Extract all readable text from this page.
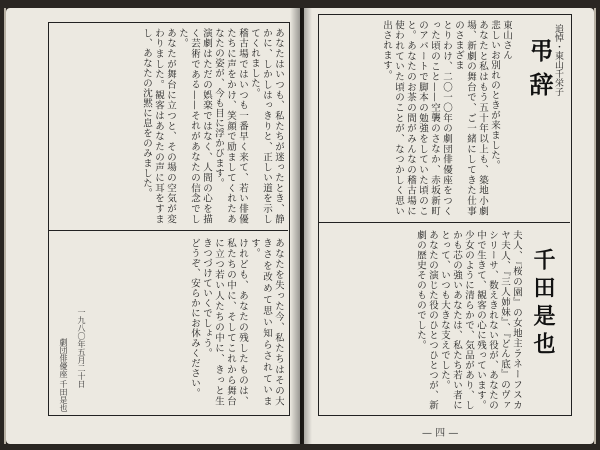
あなたはいつも、私たちが迷ったとき、静かに、しかしはっきりと、正しい道を示してくれました。
稽古場ではいつも一番早く来て、若い俳優たちに声をかけ、笑顔で励ましてくれたあなたの姿が、今も目に浮かびます。
演劇はただの娯楽ではなく、人間の心を描く芸術である——それがあなたの信念でした。
あなたが舞台に立つと、その場の空気が変わりました。観客はあなたの声に耳をすまし、あなたの沈黙に息をのみました。
あなたを失った今、私たちはその大きさを改めて思い知らされています。
けれども、あなたの残したものは、私たちの中に、そしてこれから舞台に立つ若い人たちの中に、きっと生きつづけていくでしょう。
どうぞ、安らかにお休みください。
一九八〇年五月二十日
劇団俳優座
千田是也
追悼・東山千栄子
弔辞
東山さん
悲しいお別れのときが来ました。
あなたと私はもう五十年以上も、築地小劇場、新劇の舞台で、ご一緒にしてきた仕事のさまざま
とりわけ、二〇一〇年の劇団俳優座をつくった頃のこと——空襲のさなか、赤坂新町のアパートで脚本の勉強をしていた頃のこと。あなたのお茶の間がみんなの稽古場に使われていた頃のことが、なつかしく思い出されます。
千田是也
夫人、『桜の園』の女地主ラネーフスカヤ夫人、『三人姉妹』、『どん底』のヴァシリーサ、数えきれない役が、あなたの中で生きて、観客の心に残っています。
少女のように清らかで、気品があり、しかも芯の強いあなたは、私たち若い者にとって、いつも大きな支えでした。
あなたの演じた役のひとつひとつが、新劇の歴史そのものでした。
— 四 —
